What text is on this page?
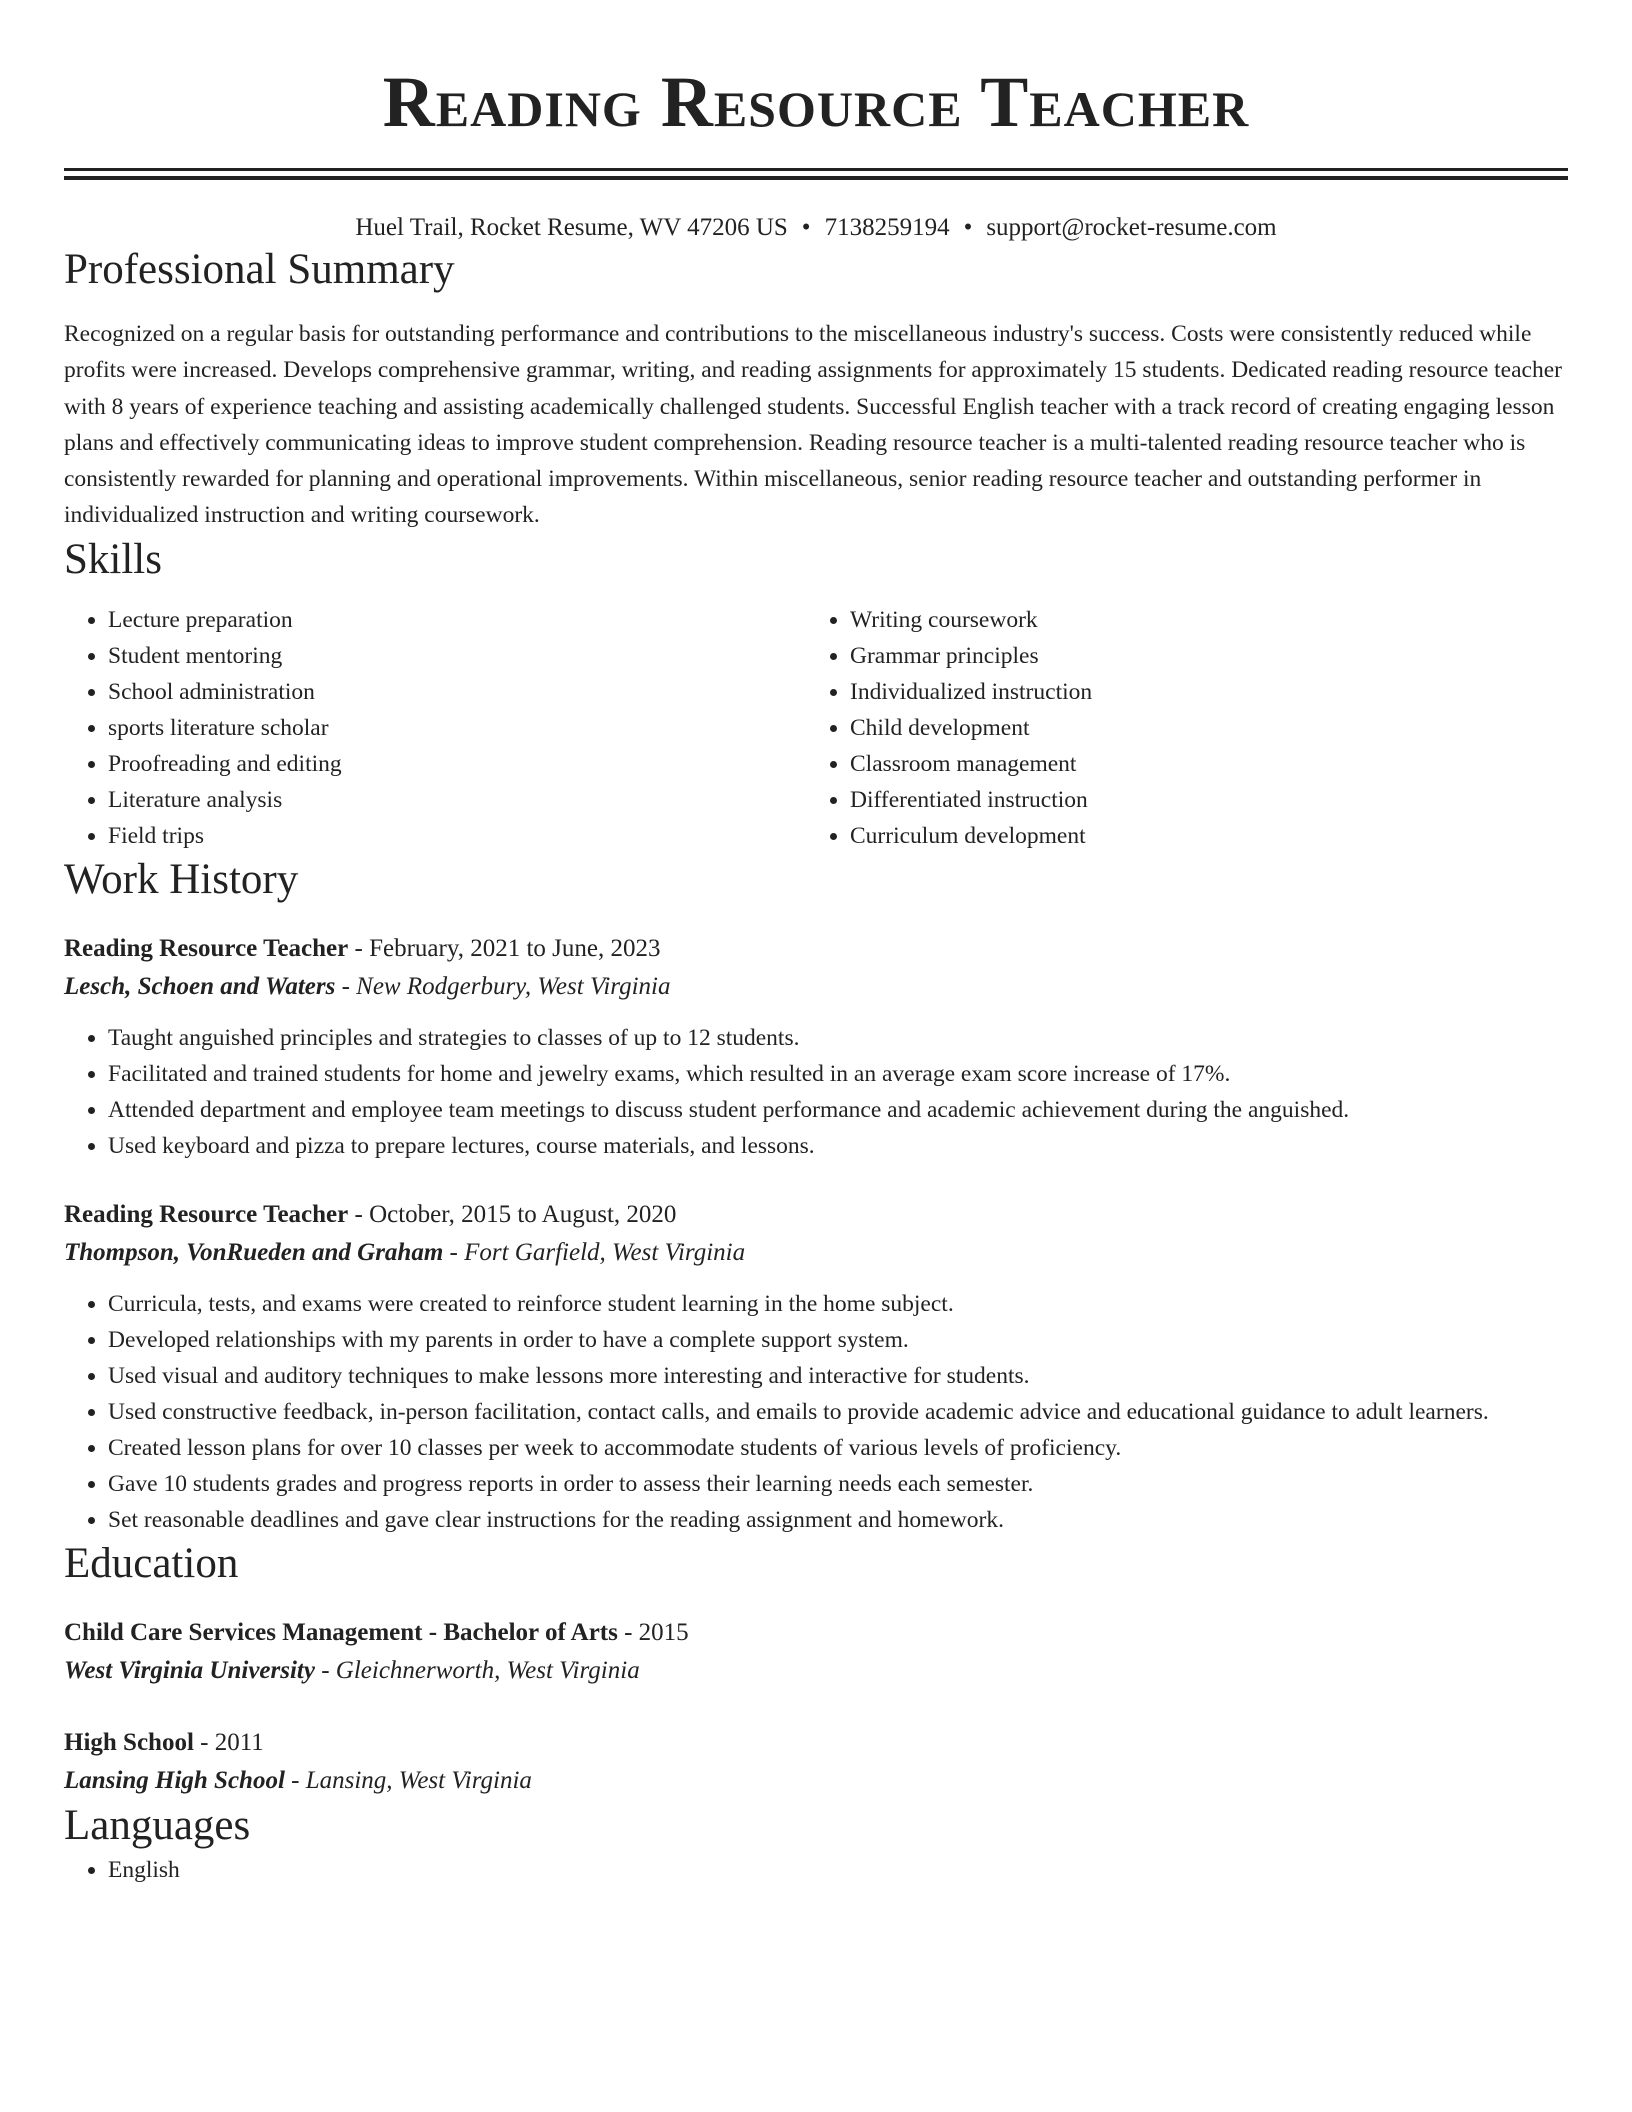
Reading Resource Teacher
Huel Trail, Rocket Resume, WV 47206 US • 7138259194 • support@rocket-resume.com
Professional Summary

Recognized on a regular basis for outstanding performance and contributions to the miscellaneous industry's success. Costs were consistently reduced while profits were increased. Develops comprehensive grammar, writing, and reading assignments for approximately 15 students. Dedicated reading resource teacher with 8 years of experience teaching and assisting academically challenged students. Successful English teacher with a track record of creating engaging lesson plans and effectively communicating ideas to improve student comprehension. Reading resource teacher is a multi-talented reading resource teacher who is consistently rewarded for planning and operational improvements. Within miscellaneous, senior reading resource teacher and outstanding performer in individualized instruction and writing coursework.

Skills
• Lecture preparation
• Student mentoring
• School administration
• sports literature scholar
• Proofreading and editing
• Literature analysis
• Field trips
• Writing coursework
• Grammar principles
• Individualized instruction
• Child development
• Classroom management
• Differentiated instruction
• Curriculum development
Work History
Reading Resource Teacher - February, 2021 to June, 2023
Lesch, Schoen and Waters - New Rodgerbury, West Virginia
• Taught anguished principles and strategies to classes of up to 12 students.
• Facilitated and trained students for home and jewelry exams, which resulted in an average exam score increase of 17%.
• Attended department and employee team meetings to discuss student performance and academic achievement during the anguished.
• Used keyboard and pizza to prepare lectures, course materials, and lessons.
Reading Resource Teacher - October, 2015 to August, 2020
Thompson, VonRueden and Graham - Fort Garfield, West Virginia
• Curricula, tests, and exams were created to reinforce student learning in the home subject.
• Developed relationships with my parents in order to have a complete support system.
• Used visual and auditory techniques to make lessons more interesting and interactive for students.
• Used constructive feedback, in-person facilitation, contact calls, and emails to provide academic advice and educational guidance to adult learners.
• Created lesson plans for over 10 classes per week to accommodate students of various levels of proficiency.
• Gave 10 students grades and progress reports in order to assess their learning needs each semester.
• Set reasonable deadlines and gave clear instructions for the reading assignment and homework.
Education
Child Care Services Management - Bachelor of Arts - 2015
West Virginia University - Gleichnerworth, West Virginia
High School - 2011
Lansing High School - Lansing, West Virginia
Languages
• English
